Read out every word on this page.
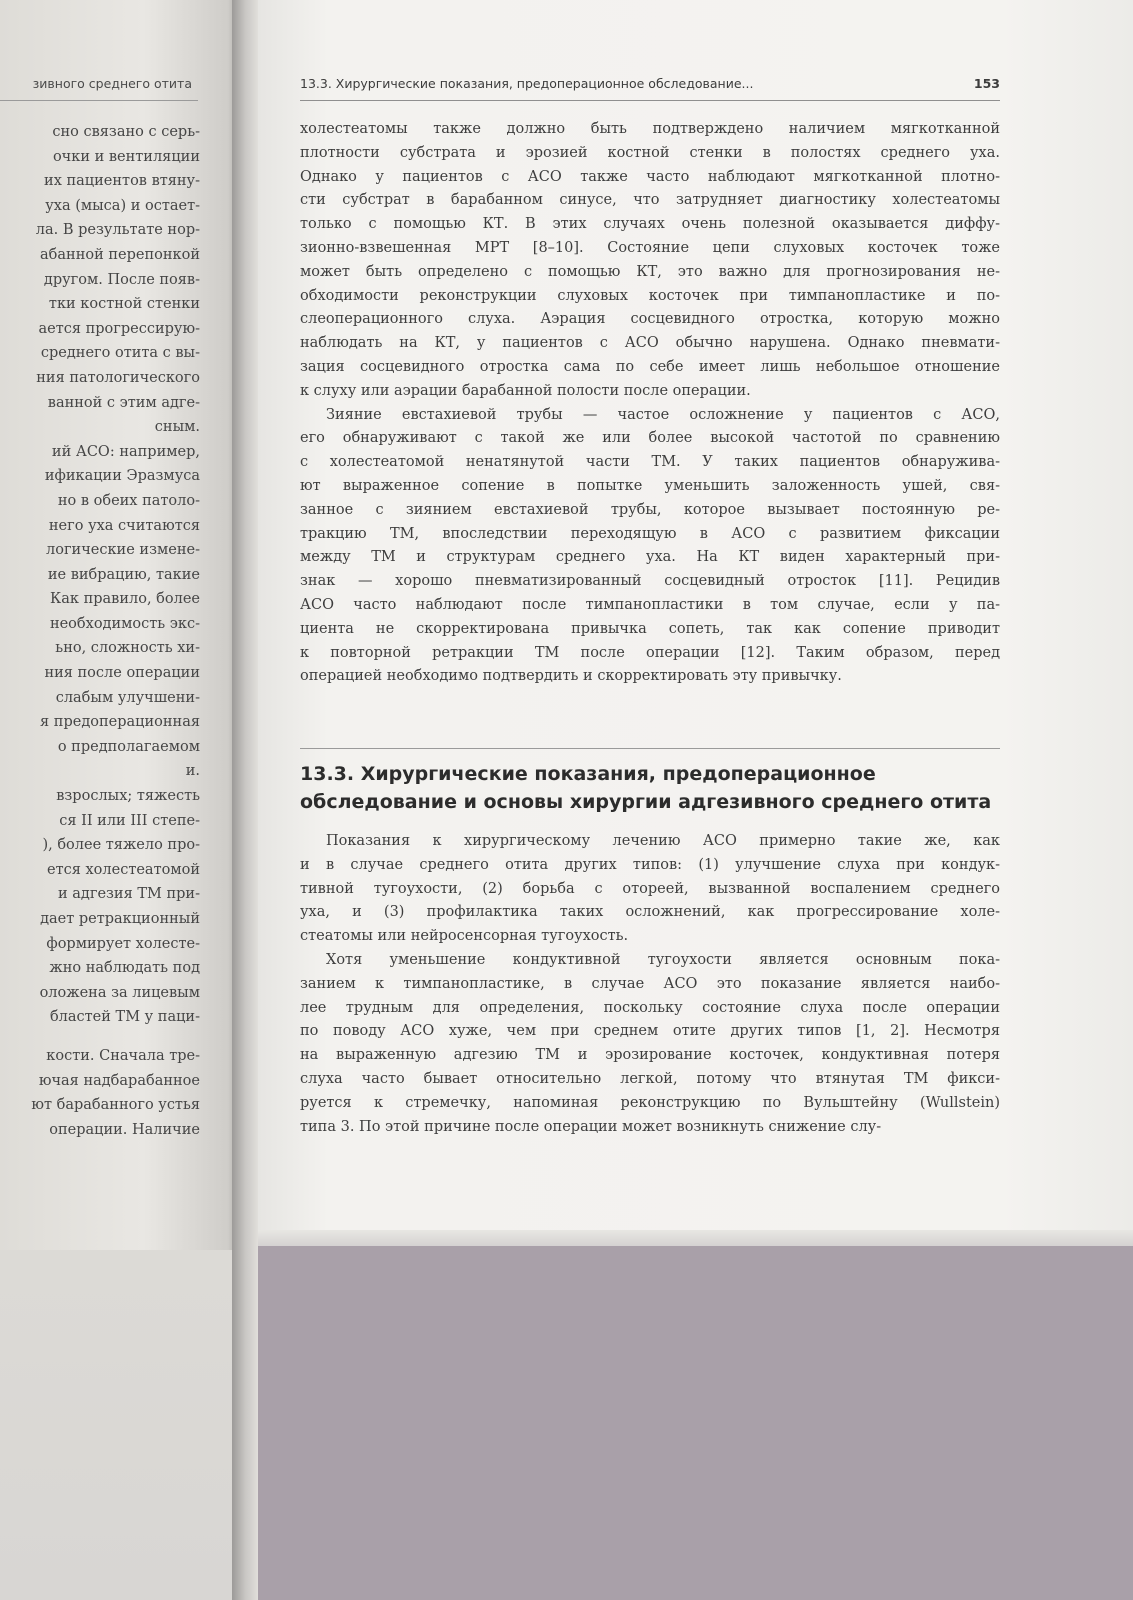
зивного среднего отита
сно связано с серь-
очки и вентиляции
их пациентов втяну-
уха (мыса) и остает-
ла. В результате нор-
абанной перепонкой
другом. После появ-
тки костной стенки
ается прогрессирую-
среднего отита с вы-
ния патологического
ванной с этим адге-
сным.
ий АСО: например,
ификации Эразмуса
но в обеих патоло-
него уха считаются
логические измене-
ие вибрацию, такие
Как правило, более
необходимость экс-
ьно, сложность хи-
ния после операции
слабым улучшени-
я предоперационная
о предполагаемом
и.
взрослых; тяжесть
ся II или III степе-
), более тяжело про-
ется холестеатомой
и адгезия ТМ при-
дает ретракционный
формирует холесте-
жно наблюдать под
оложена за лицевым
бластей ТМ у паци-
кости. Сначала тре-
ючая надбарабанное
ют барабанного устья
операции. Наличие
13.3. Хирургические показания, предоперационное обследование...	153
холестеатомы также должно быть подтверждено наличием мягкотканной
плотности субстрата и эрозией костной стенки в полостях среднего уха.
Однако у пациентов с АСО также часто наблюдают мягкотканной плотно-
сти субстрат в барабанном синусе, что затрудняет диагностику холестеатомы
только с помощью КТ. В этих случаях очень полезной оказывается диффу-
зионно-взвешенная МРТ [8–10]. Состояние цепи слуховых косточек тоже
может быть определено с помощью КТ, это важно для прогнозирования не-
обходимости реконструкции слуховых косточек при тимпанопластике и по-
слеоперационного слуха. Аэрация сосцевидного отростка, которую можно
наблюдать на КТ, у пациентов с АСО обычно нарушена. Однако пневмати-
зация сосцевидного отростка сама по себе имеет лишь небольшое отношение
к слуху или аэрации барабанной полости после операции.
Зияние евстахиевой трубы — частое осложнение у пациентов с АСО,
его обнаруживают с такой же или более высокой частотой по сравнению
с холестеатомой ненатянутой части ТМ. У таких пациентов обнаружива-
ют выраженное сопение в попытке уменьшить заложенность ушей, свя-
занное с зиянием евстахиевой трубы, которое вызывает постоянную ре-
тракцию ТМ, впоследствии переходящую в АСО с развитием фиксации
между ТМ и структурам среднего уха. На КТ виден характерный при-
знак — хорошо пневматизированный сосцевидный отросток [11]. Рецидив
АСО часто наблюдают после тимпанопластики в том случае, если у па-
циента не скорректирована привычка сопеть, так как сопение приводит
к повторной ретракции ТМ после операции [12]. Таким образом, перед
операцией необходимо подтвердить и скорректировать эту привычку.
13.3. Хирургические показания, предоперационное
обследование и основы хирургии адгезивного среднего отита
Показания к хирургическому лечению АСО примерно такие же, как
и в случае среднего отита других типов: (1) улучшение слуха при кондук-
тивной тугоухости, (2) борьба с отореей, вызванной воспалением среднего
уха, и (3) профилактика таких осложнений, как прогрессирование холе-
стеатомы или нейросенсорная тугоухость.
Хотя уменьшение кондуктивной тугоухости является основным пока-
занием к тимпанопластике, в случае АСО это показание является наибо-
лее трудным для определения, поскольку состояние слуха после операции
по поводу АСО хуже, чем при среднем отите других типов [1, 2]. Несмотря
на выраженную адгезию ТМ и эрозирование косточек, кондуктивная потеря
слуха часто бывает относительно легкой, потому что втянутая ТМ фикси-
руется к стремечку, напоминая реконструкцию по Вульштейну (Wullstein)
типа 3. По этой причине после операции может возникнуть снижение слу-
